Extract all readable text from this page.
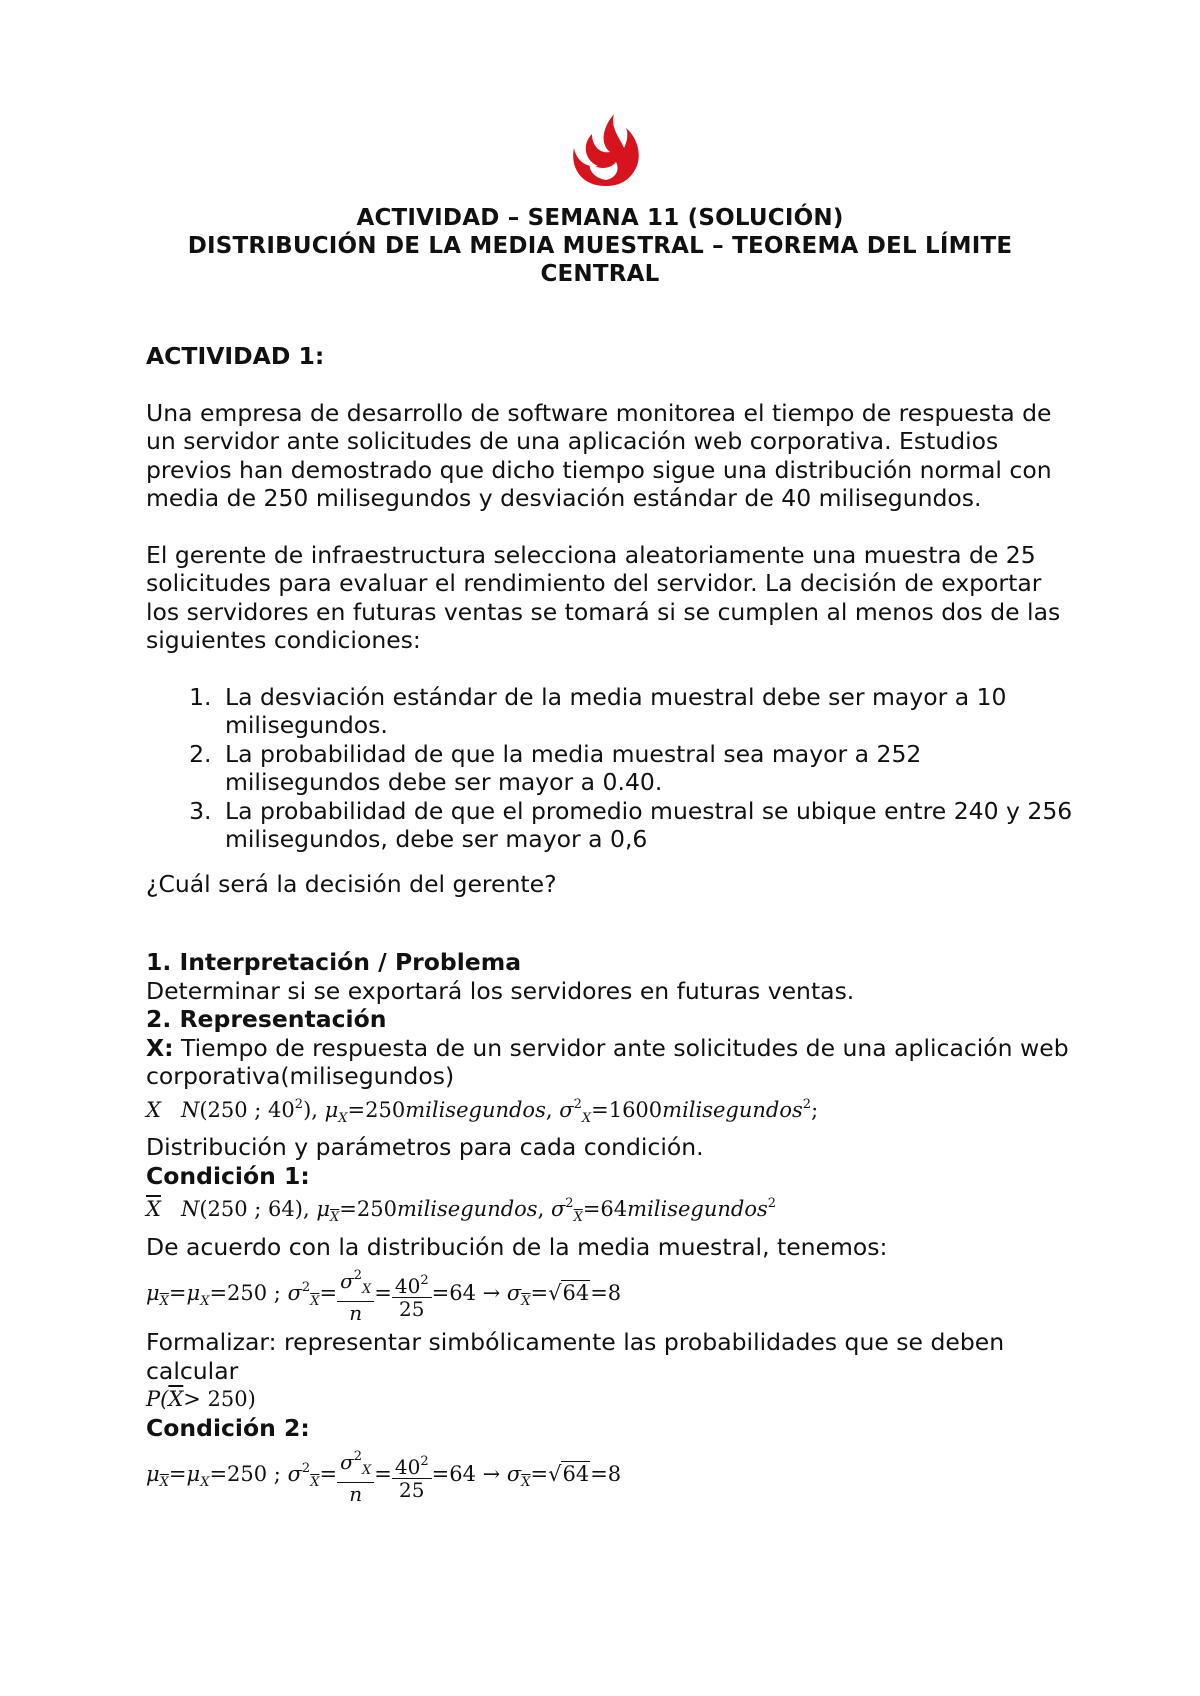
ACTIVIDAD – SEMANA 11 (SOLUCIÓN)
DISTRIBUCIÓN DE LA MEDIA MUESTRAL – TEOREMA DEL LÍMITE
CENTRAL

ACTIVIDAD 1:

Una empresa de desarrollo de software monitorea el tiempo de respuesta de un servidor ante solicitudes de una aplicación web corporativa. Estudios previos han demostrado que dicho tiempo sigue una distribución normal con media de 250 milisegundos y desviación estándar de 40 milisegundos.

El gerente de infraestructura selecciona aleatoriamente una muestra de 25 solicitudes para evaluar el rendimiento del servidor. La decisión de exportar los servidores en futuras ventas se tomará si se cumplen al menos dos de las siguientes condiciones:

1. La desviación estándar de la media muestral debe ser mayor a 10 milisegundos.
2. La probabilidad de que la media muestral sea mayor a 252 milisegundos debe ser mayor a 0.40.
3. La probabilidad de que el promedio muestral se ubique entre 240 y 256 milisegundos, debe ser mayor a 0,6

¿Cuál será la decisión del gerente?

1. Interpretación / Problema

Determinar si se exportará los servidores en futuras ventas.

2. Representación

X: Tiempo de respuesta de un servidor ante solicitudes de una aplicación web corporativa(milisegundos)

X N(250 ; $40^2$), $\mu_X=250milisegundos$, $\sigma^2_X=1600milisegundos^2$;

Distribución y parámetros para cada condición.

Condición 1:

$\overline{X}$ N(250 ; 64), $\mu_{\overline{X}}=250milisegundos$, $\sigma^2_{\overline{X}}=64milisegundos^2$

De acuerdo con la distribución de la media muestral, tenemos:

$\mu_{\overline{X}}=\mu_X=250$ ; $\sigma^2_{\overline{X}}= \frac{\sigma^2_X}{n} = \frac{40^2}{25} =64 \to \sigma_{\overline{X}}=√64=8$

Formalizar: representar simbólicamente las probabilidades que se deben calcular

$P(\overline{X}> 250)$

Condición 2:

$\mu_{\overline{X}}=\mu_X=250$ ; $\sigma^2_{\overline{X}}= \frac{\sigma^2_X}{n} = \frac{40^2}{25} =64 \to \sigma_{\overline{X}}=√64=8$
